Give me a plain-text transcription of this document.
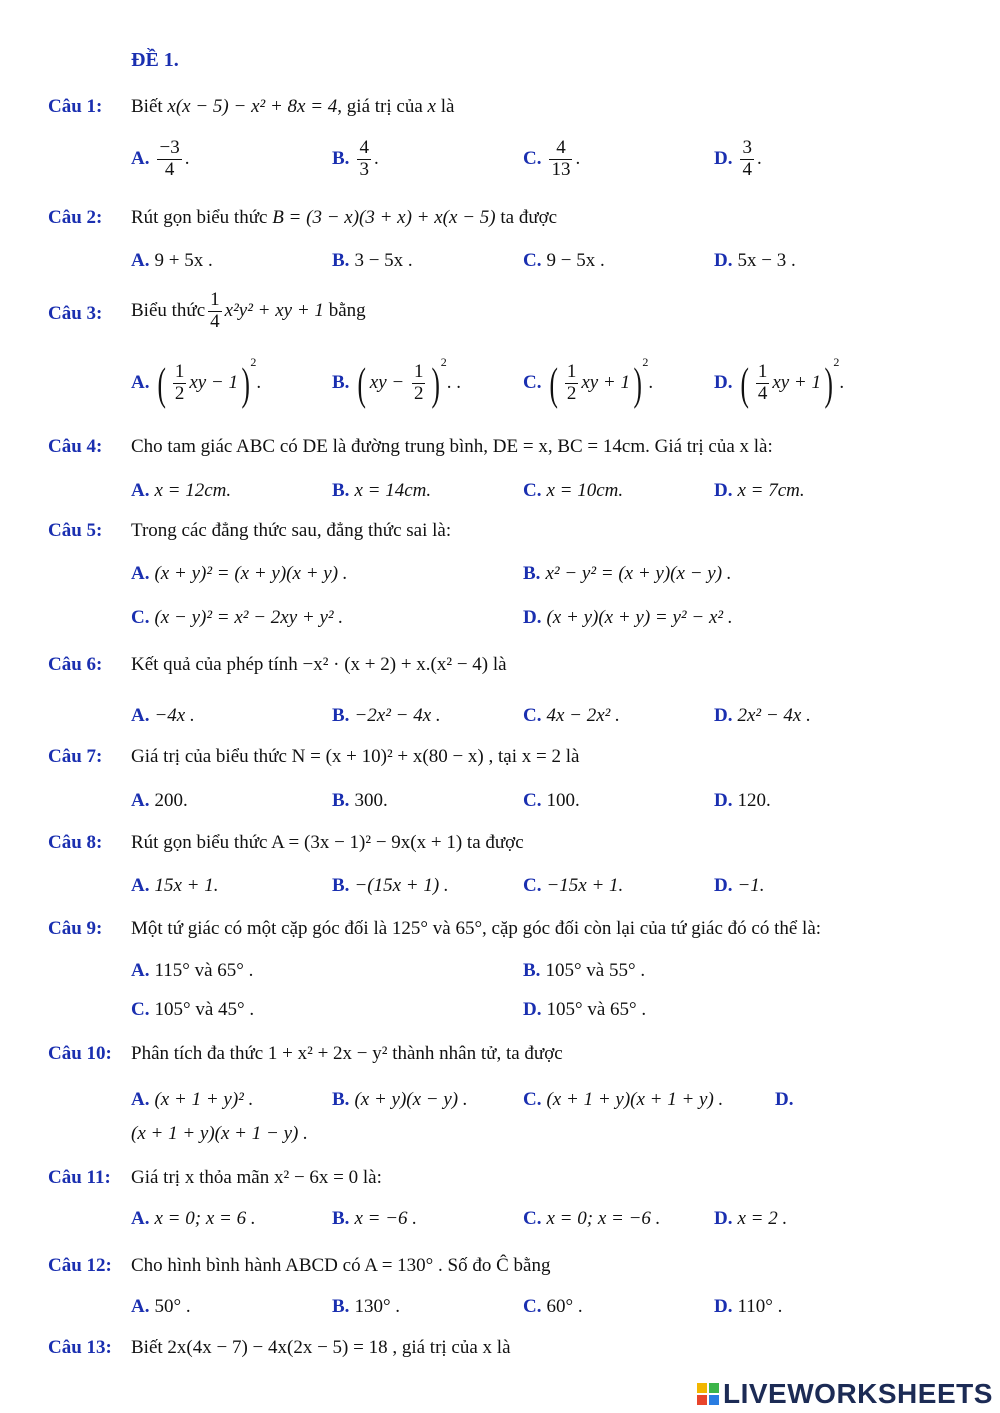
ĐỀ 1.
Câu 1: Biết x(x − 5) − x² + 8x = 4, giá trị của x là
A. $\frac{-3}{4}$ .	B. $\frac{4}{3}$ .	C. $\frac{4}{13}$ .	D. $\frac{3}{4}$ .
Câu 2: Rút gọn biểu thức B = (3 − x)(3 + x) + x(x − 5) ta được
A. 9 + 5x .	B. 3 − 5x .	C. 9 − 5x .	D. 5x − 3 .
Câu 3: Biểu thức $\frac{1}{4} x^2y^2$ + xy + 1 bằng
A. ( $\frac{1}{2}$ xy − 1)$^2$.	B. ( xy − $\frac{1}{2} )^2$. .	C. ( $\frac{1}{2}$ xy + 1)$^2$.	D. ( $\frac{1}{4}$ xy + 1)$^2$.
Câu 4: Cho tam giác ABC có DE là đường trung bình, DE = x, BC = 14cm. Giá trị của x là:
A. x = 12cm.	B. x = 14cm.	C. x = 10cm.	D. x = 7cm.
Câu 5: Trong các đẳng thức sau, đẳng thức sai là:
A. (x + y)² = (x + y)(x + y) .	B. x² − y² = (x + y)(x − y) .
C. (x − y)² = x² − 2xy + y² .	D. (x + y)(x + y) = y² − x² .
Câu 6: Kết quả của phép tính −x² · (x + 2) + x.(x² − 4) là
A. −4x .	B. −2x² − 4x .	C. 4x − 2x² .	D. 2x² − 4x .
Câu 7: Giá trị của biểu thức N = (x + 10)² + x(80 − x) , tại x = 2 là
A. 200.	B. 300.	C. 100.	D. 120.
Câu 8: Rút gọn biểu thức A = (3x − 1)² − 9x(x + 1) ta được
A. 15x + 1.	B. −(15x + 1) .	C. −15x + 1.	D. −1.
Câu 9: Một tứ giác có một cặp góc đối là 125° và 65°, cặp góc đối còn lại của tứ giác đó có thể là:
A. 115° và 65° .	B. 105° và 55° .
C. 105° và 45° .	D. 105° và 65° .
Câu 10: Phân tích đa thức 1 + x² + 2x − y² thành nhân tử, ta được
A. (x + 1 + y)² .	B. (x + y)(x − y) .	C. (x + 1 + y)(x + 1 + y) .	D.
(x + 1 + y)(x + 1 − y) .
Câu 11: Giá trị x thỏa mãn x² − 6x = 0 là:
A. x = 0; x = 6 .	B. x = −6 .	C. x = 0; x = −6 .	D. x = 2 .
Câu 12: Cho hình bình hành ABCD có A = 130° . Số đo Ĉ bằng
A. 50° .	B. 130° .	C. 60° .	D. 110° .
Câu 13: Biết 2x(4x − 7) − 4x(2x − 5) = 18 , giá trị của x là
LIVEWORKSHEETS
